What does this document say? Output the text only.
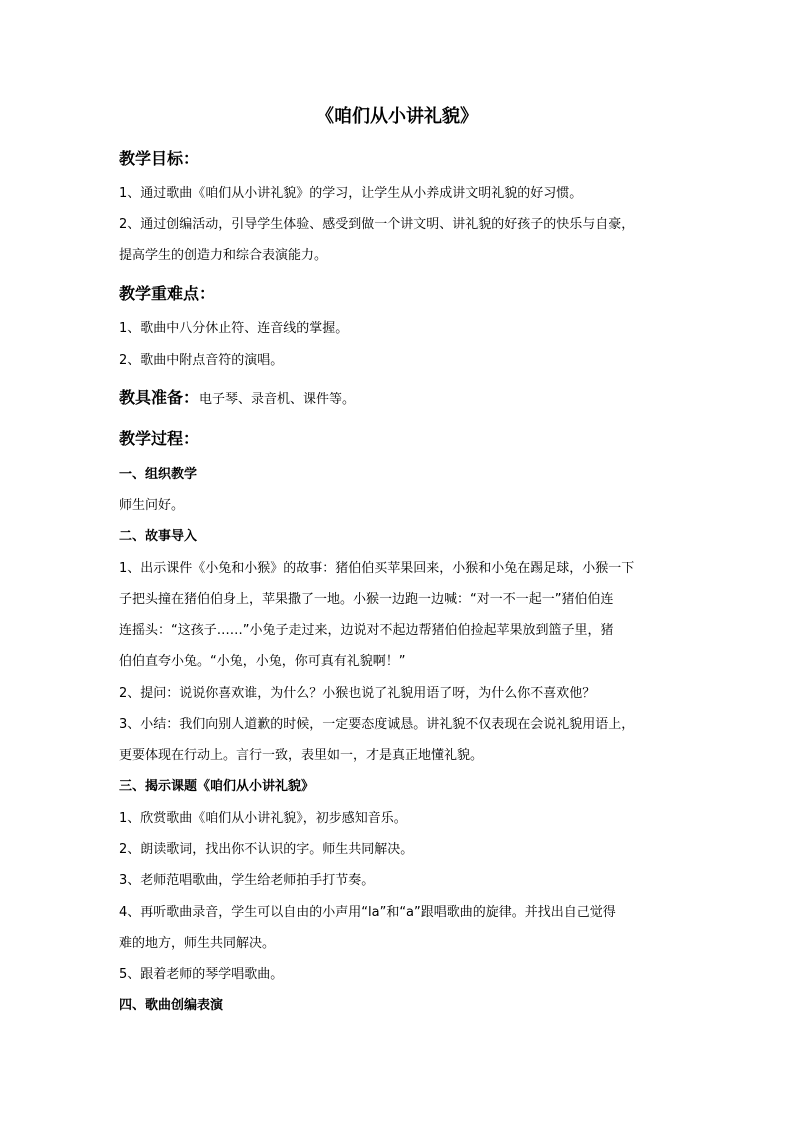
《咱们从小讲礼貌》
教学目标：
1、通过歌曲《咱们从小讲礼貌》的学习，让学生从小养成讲文明礼貌的好习惯。
2、通过创编活动，引导学生体验、感受到做一个讲文明、讲礼貌的好孩子的快乐与自豪，
提高学生的创造力和综合表演能力。
教学重难点：
1、歌曲中八分休止符、连音线的掌握。
2、歌曲中附点音符的演唱。
教具准备：电子琴、录音机、课件等。
教学过程：
一、组织教学
师生问好。
二、故事导入
1、出示课件《小兔和小猴》的故事：猪伯伯买苹果回来，小猴和小兔在踢足球，小猴一下
子把头撞在猪伯伯身上，苹果撒了一地。小猴一边跑一边喊：“对一不一起一”猪伯伯连
连摇头：“这孩子……”小兔子走过来，边说对不起边帮猪伯伯捡起苹果放到篮子里，猪
伯伯直夸小兔。“小兔，小兔，你可真有礼貌啊！”
2、提问：说说你喜欢谁，为什么？小猴也说了礼貌用语了呀，为什么你不喜欢他？
3、小结：我们向别人道歉的时候，一定要态度诚恳。讲礼貌不仅表现在会说礼貌用语上，
更要体现在行动上。言行一致，表里如一，才是真正地懂礼貌。
三、揭示课题《咱们从小讲礼貌》
1、欣赏歌曲《咱们从小讲礼貌》，初步感知音乐。
2、朗读歌词，找出你不认识的字。师生共同解决。
3、老师范唱歌曲，学生给老师拍手打节奏。
4、再听歌曲录音，学生可以自由的小声用“la”和“a”跟唱歌曲的旋律。并找出自己觉得
难的地方，师生共同解决。
5、跟着老师的琴学唱歌曲。
四、歌曲创编表演
